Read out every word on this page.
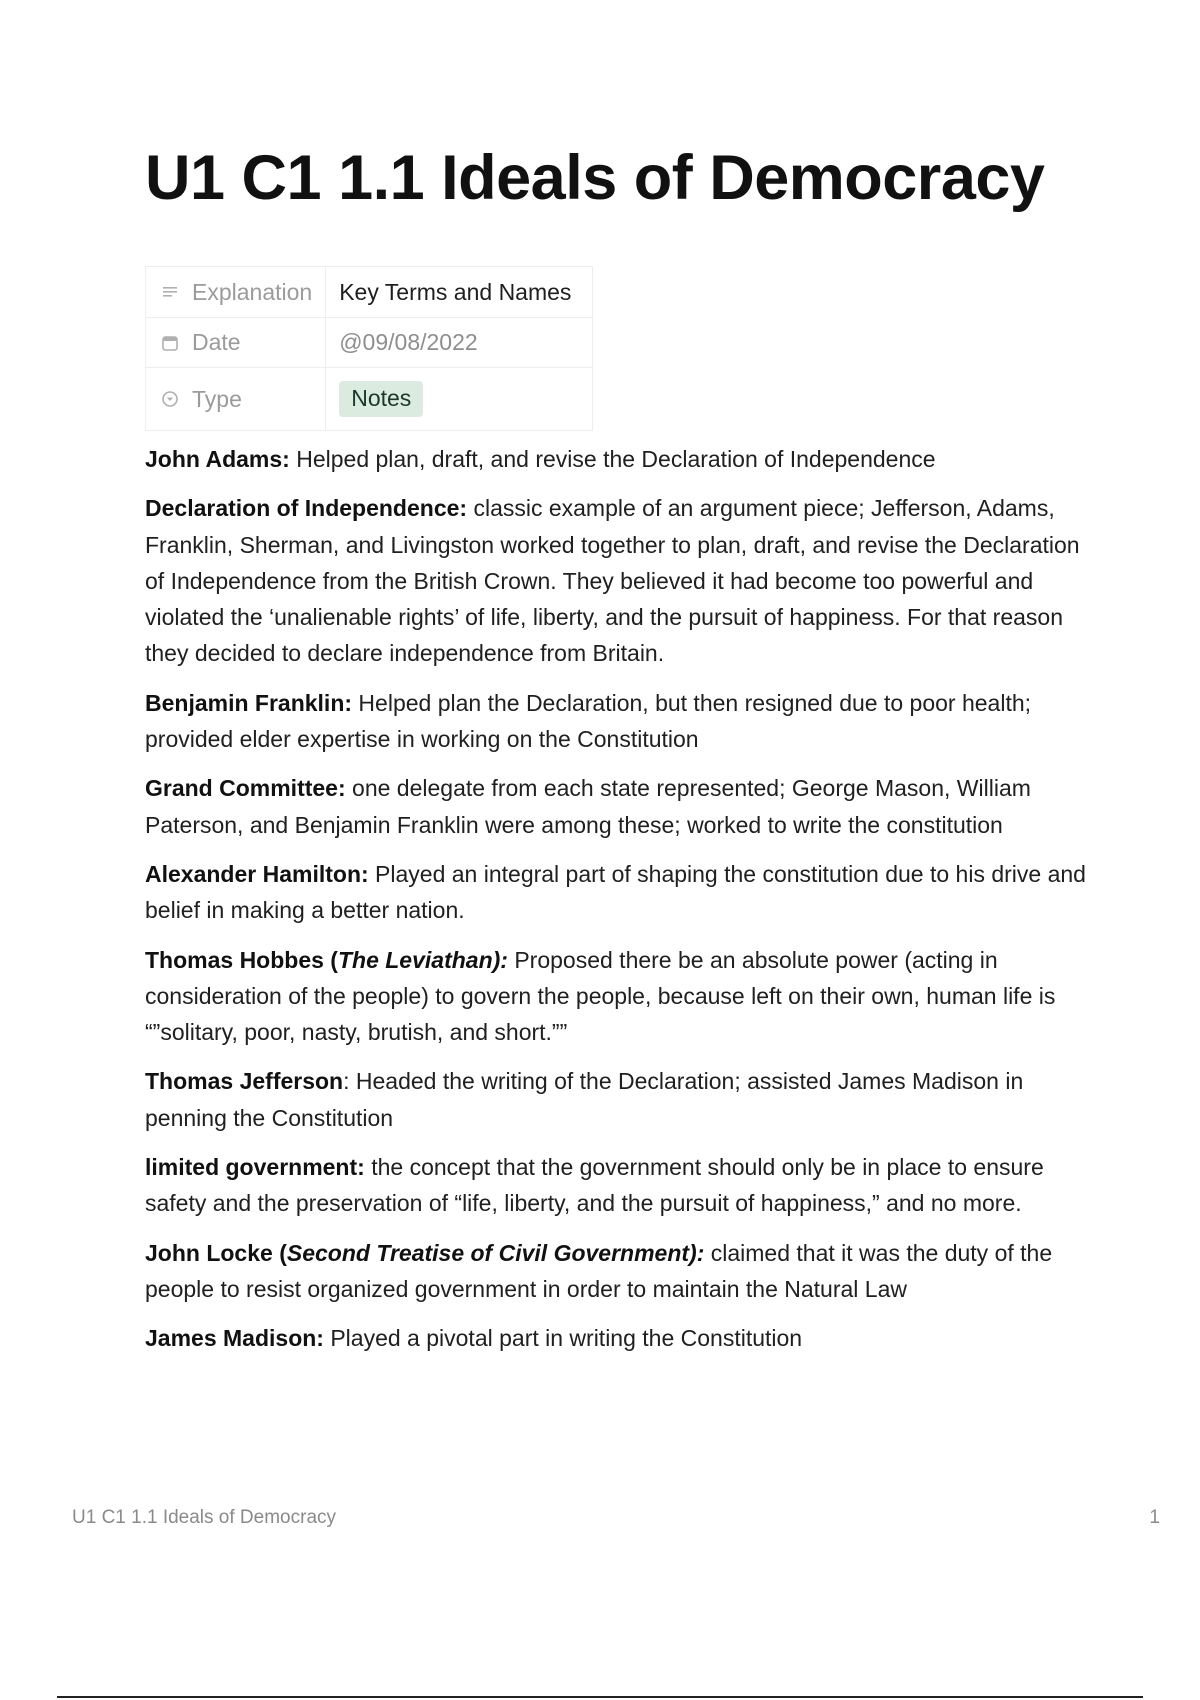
U1 C1 1.1 Ideals of Democracy
Explanation	Key Terms and Names

Date	@09/08/2022

Type	Notes

John Adams: Helped plan, draft, and revise the Declaration of Independence

Declaration of Independence: classic example of an argument piece; Jefferson, Adams, Franklin, Sherman, and Livingston worked together to plan, draft, and revise the Declaration of Independence from the British Crown. They believed it had become too powerful and violated the ‘unalienable rights’ of life, liberty, and the pursuit of happiness. For that reason they decided to declare independence from Britain.

Benjamin Franklin: Helped plan the Declaration, but then resigned due to poor health; provided elder expertise in working on the Constitution

Grand Committee: one delegate from each state represented; George Mason, William Paterson, and Benjamin Franklin were among these; worked to write the constitution

Alexander Hamilton: Played an integral part of shaping the constitution due to his drive and belief in making a better nation.

Thomas Hobbes (The Leviathan): Proposed there be an absolute power (acting in consideration of the people) to govern the people, because left on their own, human life is “”solitary, poor, nasty, brutish, and short.””

Thomas Jefferson: Headed the writing of the Declaration; assisted James Madison in penning the Constitution

limited government: the concept that the government should only be in place to ensure safety and the preservation of “life, liberty, and the pursuit of happiness,” and no more.

John Locke (Second Treatise of Civil Government): claimed that it was the duty of the people to resist organized government in order to maintain the Natural Law

James Madison: Played a pivotal part in writing the Constitution

U1 C1 1.1 Ideals of Democracy	1
